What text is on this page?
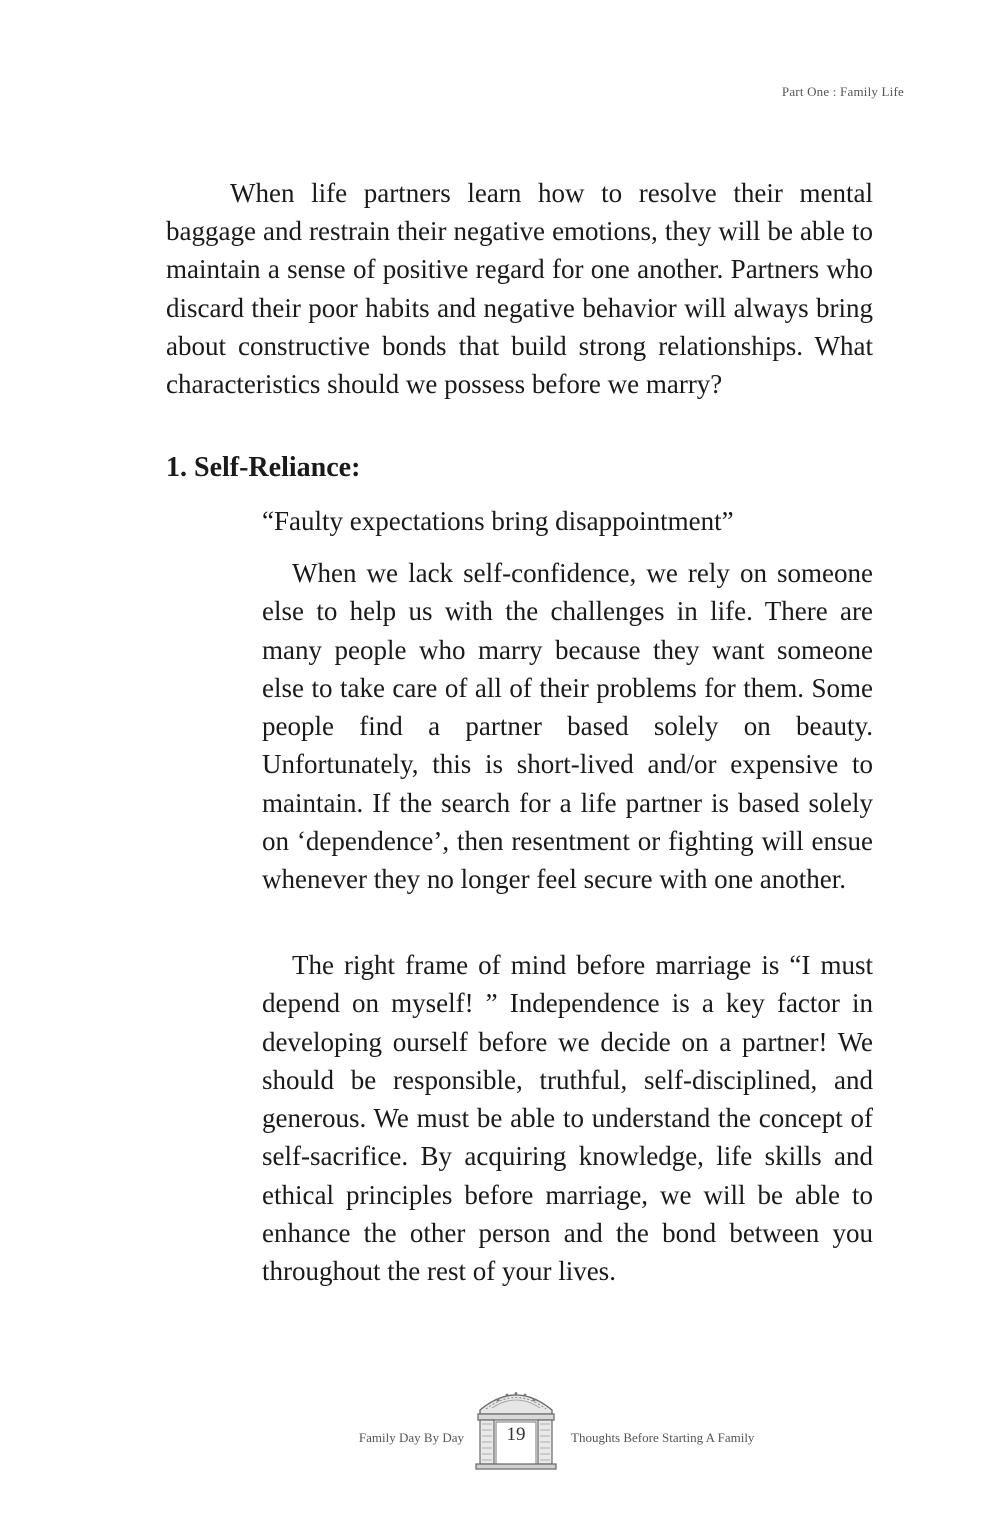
Part One : Family Life

When life partners learn how to resolve their mental baggage and restrain their negative emotions, they will be able to maintain a sense of positive regard for one another. Partners who discard their poor habits and negative behavior will always bring about constructive bonds that build strong relationships. What characteristics should we possess before we marry?

1. Self-Reliance:

“Faulty expectations bring disappointment”

When we lack self-confidence, we rely on someone else to help us with the challenges in life. There are many people who marry because they want someone else to take care of all of their problems for them. Some people find a partner based solely on beauty. Unfortunately, this is short-lived and/or expensive to maintain. If the search for a life partner is based solely on ‘dependence’, then resentment or fighting will ensue whenever they no longer feel secure with one another.

The right frame of mind before marriage is “I must depend on myself! ” Independence is a key factor in developing ourself before we decide on a partner! We should be responsible, truthful, self-disciplined, and generous. We must be able to understand the concept of self-sacrifice. By acquiring knowledge, life skills and ethical principles before marriage, we will be able to enhance the other person and the bond between you throughout the rest of your lives.

Family Day By Day	19	Thoughts Before Starting A Family
